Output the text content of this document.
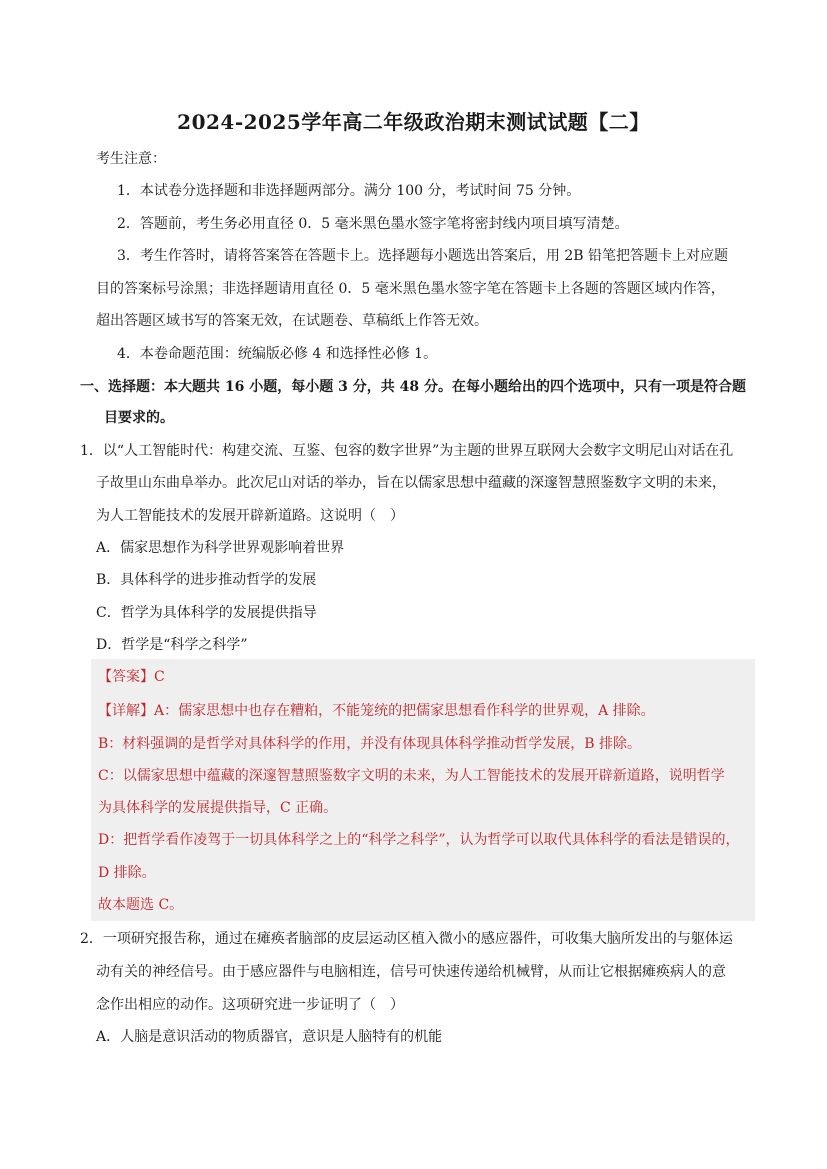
2024-2025学年高二年级政治期末测试试题【二】
考生注意：
1．本试卷分选择题和非选择题两部分。满分 100 分，考试时间 75 分钟。
2．答题前，考生务必用直径 0．5 毫米黑色墨水签字笔将密封线内项目填写清楚。
3．考生作答时，请将答案答在答题卡上。选择题每小题选出答案后，用 2B 铅笔把答题卡上对应题
目的答案标号涂黑；非选择题请用直径 0．5 毫米黑色墨水签字笔在答题卡上各题的答题区域内作答，
超出答题区域书写的答案无效，在试题卷、草稿纸上作答无效。
4．本卷命题范围：统编版必修 4 和选择性必修 1。
一、选择题：本大题共 16 小题，每小题 3 分，共 48 分。在每小题给出的四个选项中，只有一项是符合题
目要求的。
1．以“人工智能时代：构建交流、互鉴、包容的数字世界”为主题的世界互联网大会数字文明尼山对话在孔
子故里山东曲阜举办。此次尼山对话的举办，旨在以儒家思想中蕴藏的深邃智慧照鉴数字文明的未来，
为人工智能技术的发展开辟新道路。这说明（　）
A．儒家思想作为科学世界观影响着世界
B．具体科学的进步推动哲学的发展
C．哲学为具体科学的发展提供指导
D．哲学是“科学之科学”
【答案】C
【详解】A：儒家思想中也存在糟粕，不能笼统的把儒家思想看作科学的世界观，A 排除。
B：材料强调的是哲学对具体科学的作用，并没有体现具体科学推动哲学发展，B 排除。
C：以儒家思想中蕴藏的深邃智慧照鉴数字文明的未来，为人工智能技术的发展开辟新道路，说明哲学
为具体科学的发展提供指导，C 正确。
D：把哲学看作凌驾于一切具体科学之上的“科学之科学”，认为哲学可以取代具体科学的看法是错误的，
D 排除。
故本题选 C。
2．一项研究报告称，通过在瘫痪者脑部的皮层运动区植入微小的感应器件，可收集大脑所发出的与躯体运
动有关的神经信号。由于感应器件与电脑相连，信号可快速传递给机械臂，从而让它根据瘫痪病人的意
念作出相应的动作。这项研究进一步证明了（　）
A．人脑是意识活动的物质器官，意识是人脑特有的机能
